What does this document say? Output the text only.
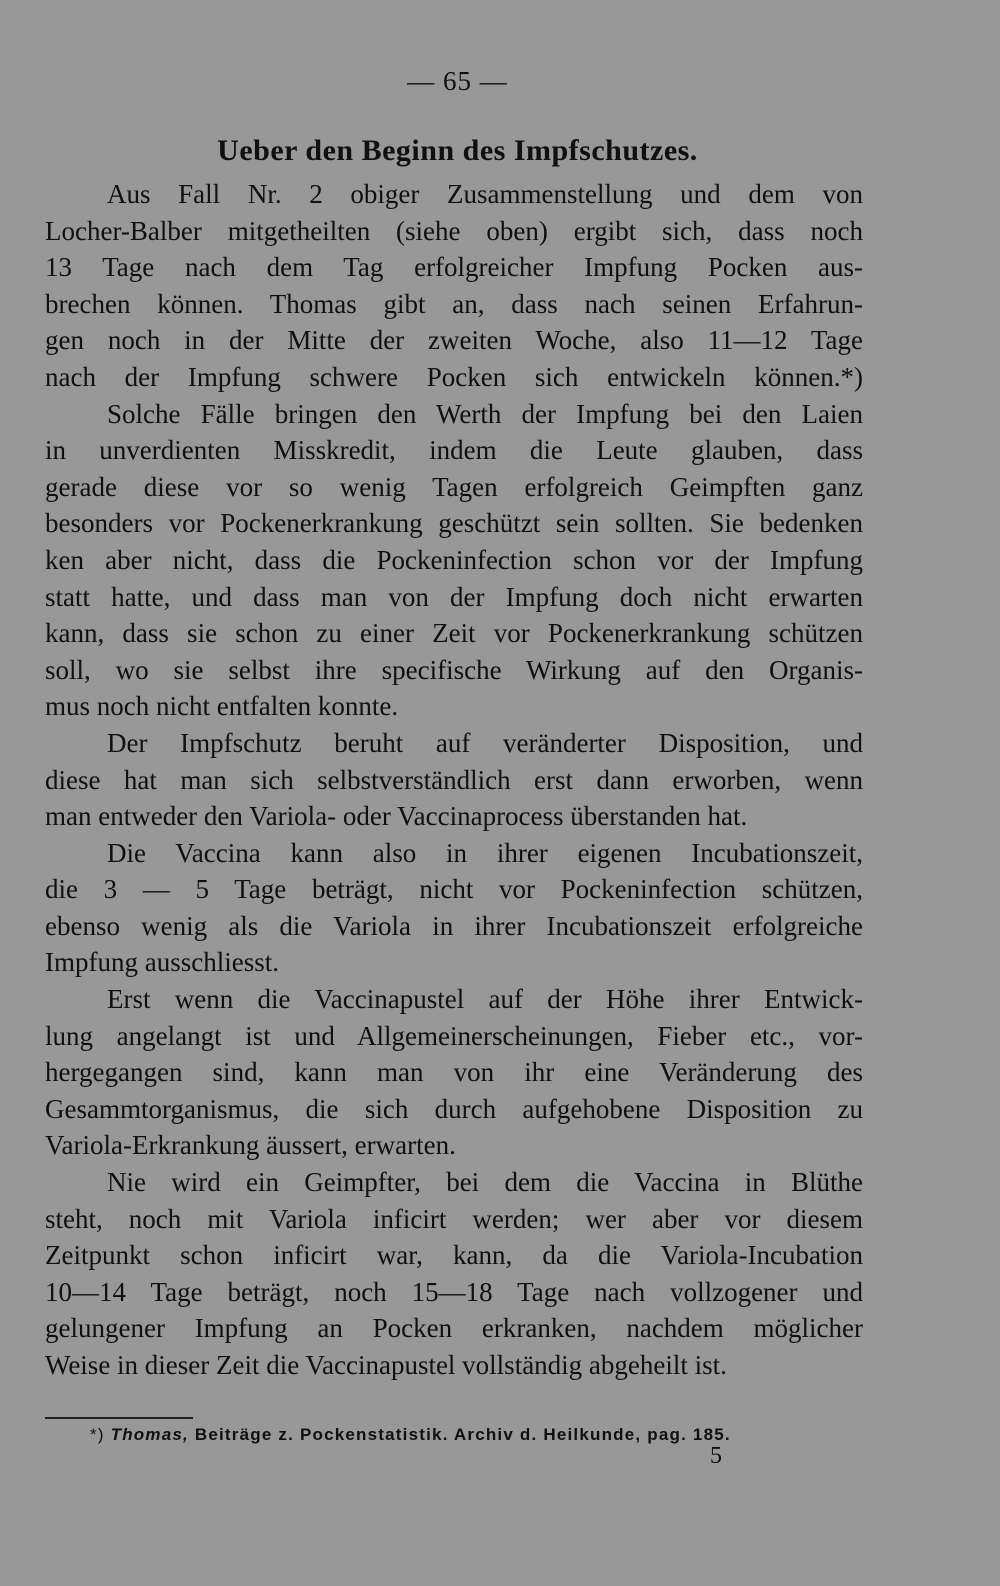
— 65 —
Ueber den Beginn des Impfschutzes.
Aus Fall Nr. 2 obiger Zusammenstellung und dem von
Locher-Balber mitgetheilten (siehe oben) ergibt sich, dass noch
13 Tage nach dem Tag erfolgreicher Impfung Pocken aus-
brechen können. Thomas gibt an, dass nach seinen Erfahrun-
gen noch in der Mitte der zweiten Woche, also 11—12 Tage
nach der Impfung schwere Pocken sich entwickeln können.*)
Solche Fälle bringen den Werth der Impfung bei den Laien
in unverdienten Misskredit, indem die Leute glauben, dass
gerade diese vor so wenig Tagen erfolgreich Geimpften ganz
besonders vor Pockenerkrankung geschützt sein sollten. Sie bedenken
ken aber nicht, dass die Pockeninfection schon vor der Impfung
statt hatte, und dass man von der Impfung doch nicht erwarten
kann, dass sie schon zu einer Zeit vor Pockenerkrankung schützen
soll, wo sie selbst ihre specifische Wirkung auf den Organis-
mus noch nicht entfalten konnte.
Der Impfschutz beruht auf veränderter Disposition, und
diese hat man sich selbstverständlich erst dann erworben, wenn
man entweder den Variola- oder Vaccinaprocess überstanden hat.
Die Vaccina kann also in ihrer eigenen Incubationszeit,
die 3 — 5 Tage beträgt, nicht vor Pockeninfection schützen,
ebenso wenig als die Variola in ihrer Incubationszeit erfolgreiche
Impfung ausschliesst.
Erst wenn die Vaccinapustel auf der Höhe ihrer Entwick-
lung angelangt ist und Allgemeinerscheinungen, Fieber etc., vor-
hergegangen sind, kann man von ihr eine Veränderung des
Gesammtorganismus, die sich durch aufgehobene Disposition zu
Variola-Erkrankung äussert, erwarten.
Nie wird ein Geimpfter, bei dem die Vaccina in Blüthe
steht, noch mit Variola inficirt werden; wer aber vor diesem
Zeitpunkt schon inficirt war, kann, da die Variola-Incubation
10—14 Tage beträgt, noch 15—18 Tage nach vollzogener und
gelungener Impfung an Pocken erkranken, nachdem möglicher
Weise in dieser Zeit die Vaccinapustel vollständig abgeheilt ist.
*) Thomas, Beiträge z. Pockenstatistik. Archiv d. Heilkunde, pag. 185.
5
